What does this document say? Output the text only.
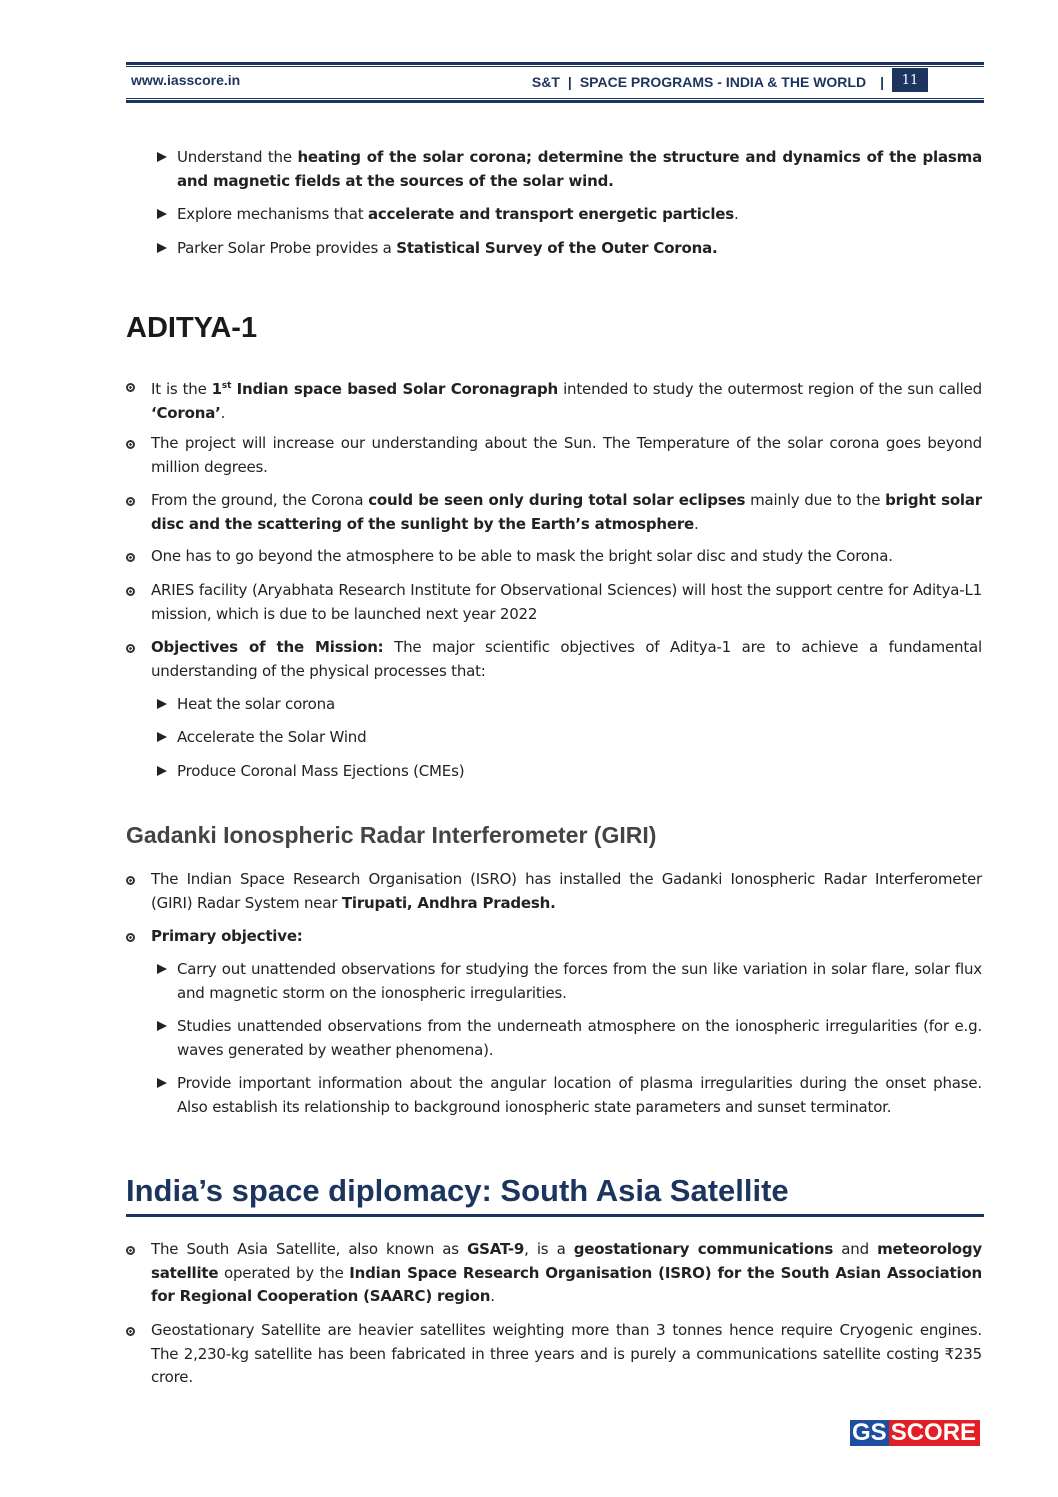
www.iasscore.in	S&T | SPACE PROGRAMS - INDIA & THE WORLD |	11
Understand the heating of the solar corona; determine the structure and dynamics of the plasma and magnetic fields at the sources of the solar wind.
Explore mechanisms that accelerate and transport energetic particles.
Parker Solar Probe provides a Statistical Survey of the Outer Corona.
It is the 1st Indian space based Solar Coronagraph intended to study the outermost region of the sun called ‘Corona’.
The project will increase our understanding about the Sun. The Temperature of the solar corona goes beyond million degrees.
From the ground, the Corona could be seen only during total solar eclipses mainly due to the bright solar disc and the scattering of the sunlight by the Earth’s atmosphere.
One has to go beyond the atmosphere to be able to mask the bright solar disc and study the Corona.
ARIES facility (Aryabhata Research Institute for Observational Sciences) will host the support centre for Aditya-L1 mission, which is due to be launched next year 2022
Objectives of the Mission: The major scientific objectives of Aditya-1 are to achieve a fundamental understanding of the physical processes that:
Heat the solar corona
Accelerate the Solar Wind
Produce Coronal Mass Ejections (CMEs)
The Indian Space Research Organisation (ISRO) has installed the Gadanki Ionospheric Radar Interferometer (GIRI) Radar System near Tirupati, Andhra Pradesh.
Primary objective:
Carry out unattended observations for studying the forces from the sun like variation in solar flare, solar flux and magnetic storm on the ionospheric irregularities.
Studies unattended observations from the underneath atmosphere on the ionospheric irregularities (for e.g. waves generated by weather phenomena).
Provide important information about the angular location of plasma irregularities during the onset phase. Also establish its relationship to background ionospheric state parameters and sunset terminator.
The South Asia Satellite, also known as GSAT-9, is a geostationary communications and meteorology satellite operated by the Indian Space Research Organisation (ISRO) for the South Asian Association for Regional Cooperation (SAARC) region.
Geostationary Satellite are heavier satellites weighting more than 3 tonnes hence require Cryogenic engines. The 2,230-kg satellite has been fabricated in three years and is purely a communications satellite costing ₹235 crore.
ADITYA-1
Gadanki Ionospheric Radar Interferometer (GIRI)
India’s space diplomacy: South Asia Satellite
GS SCORE
